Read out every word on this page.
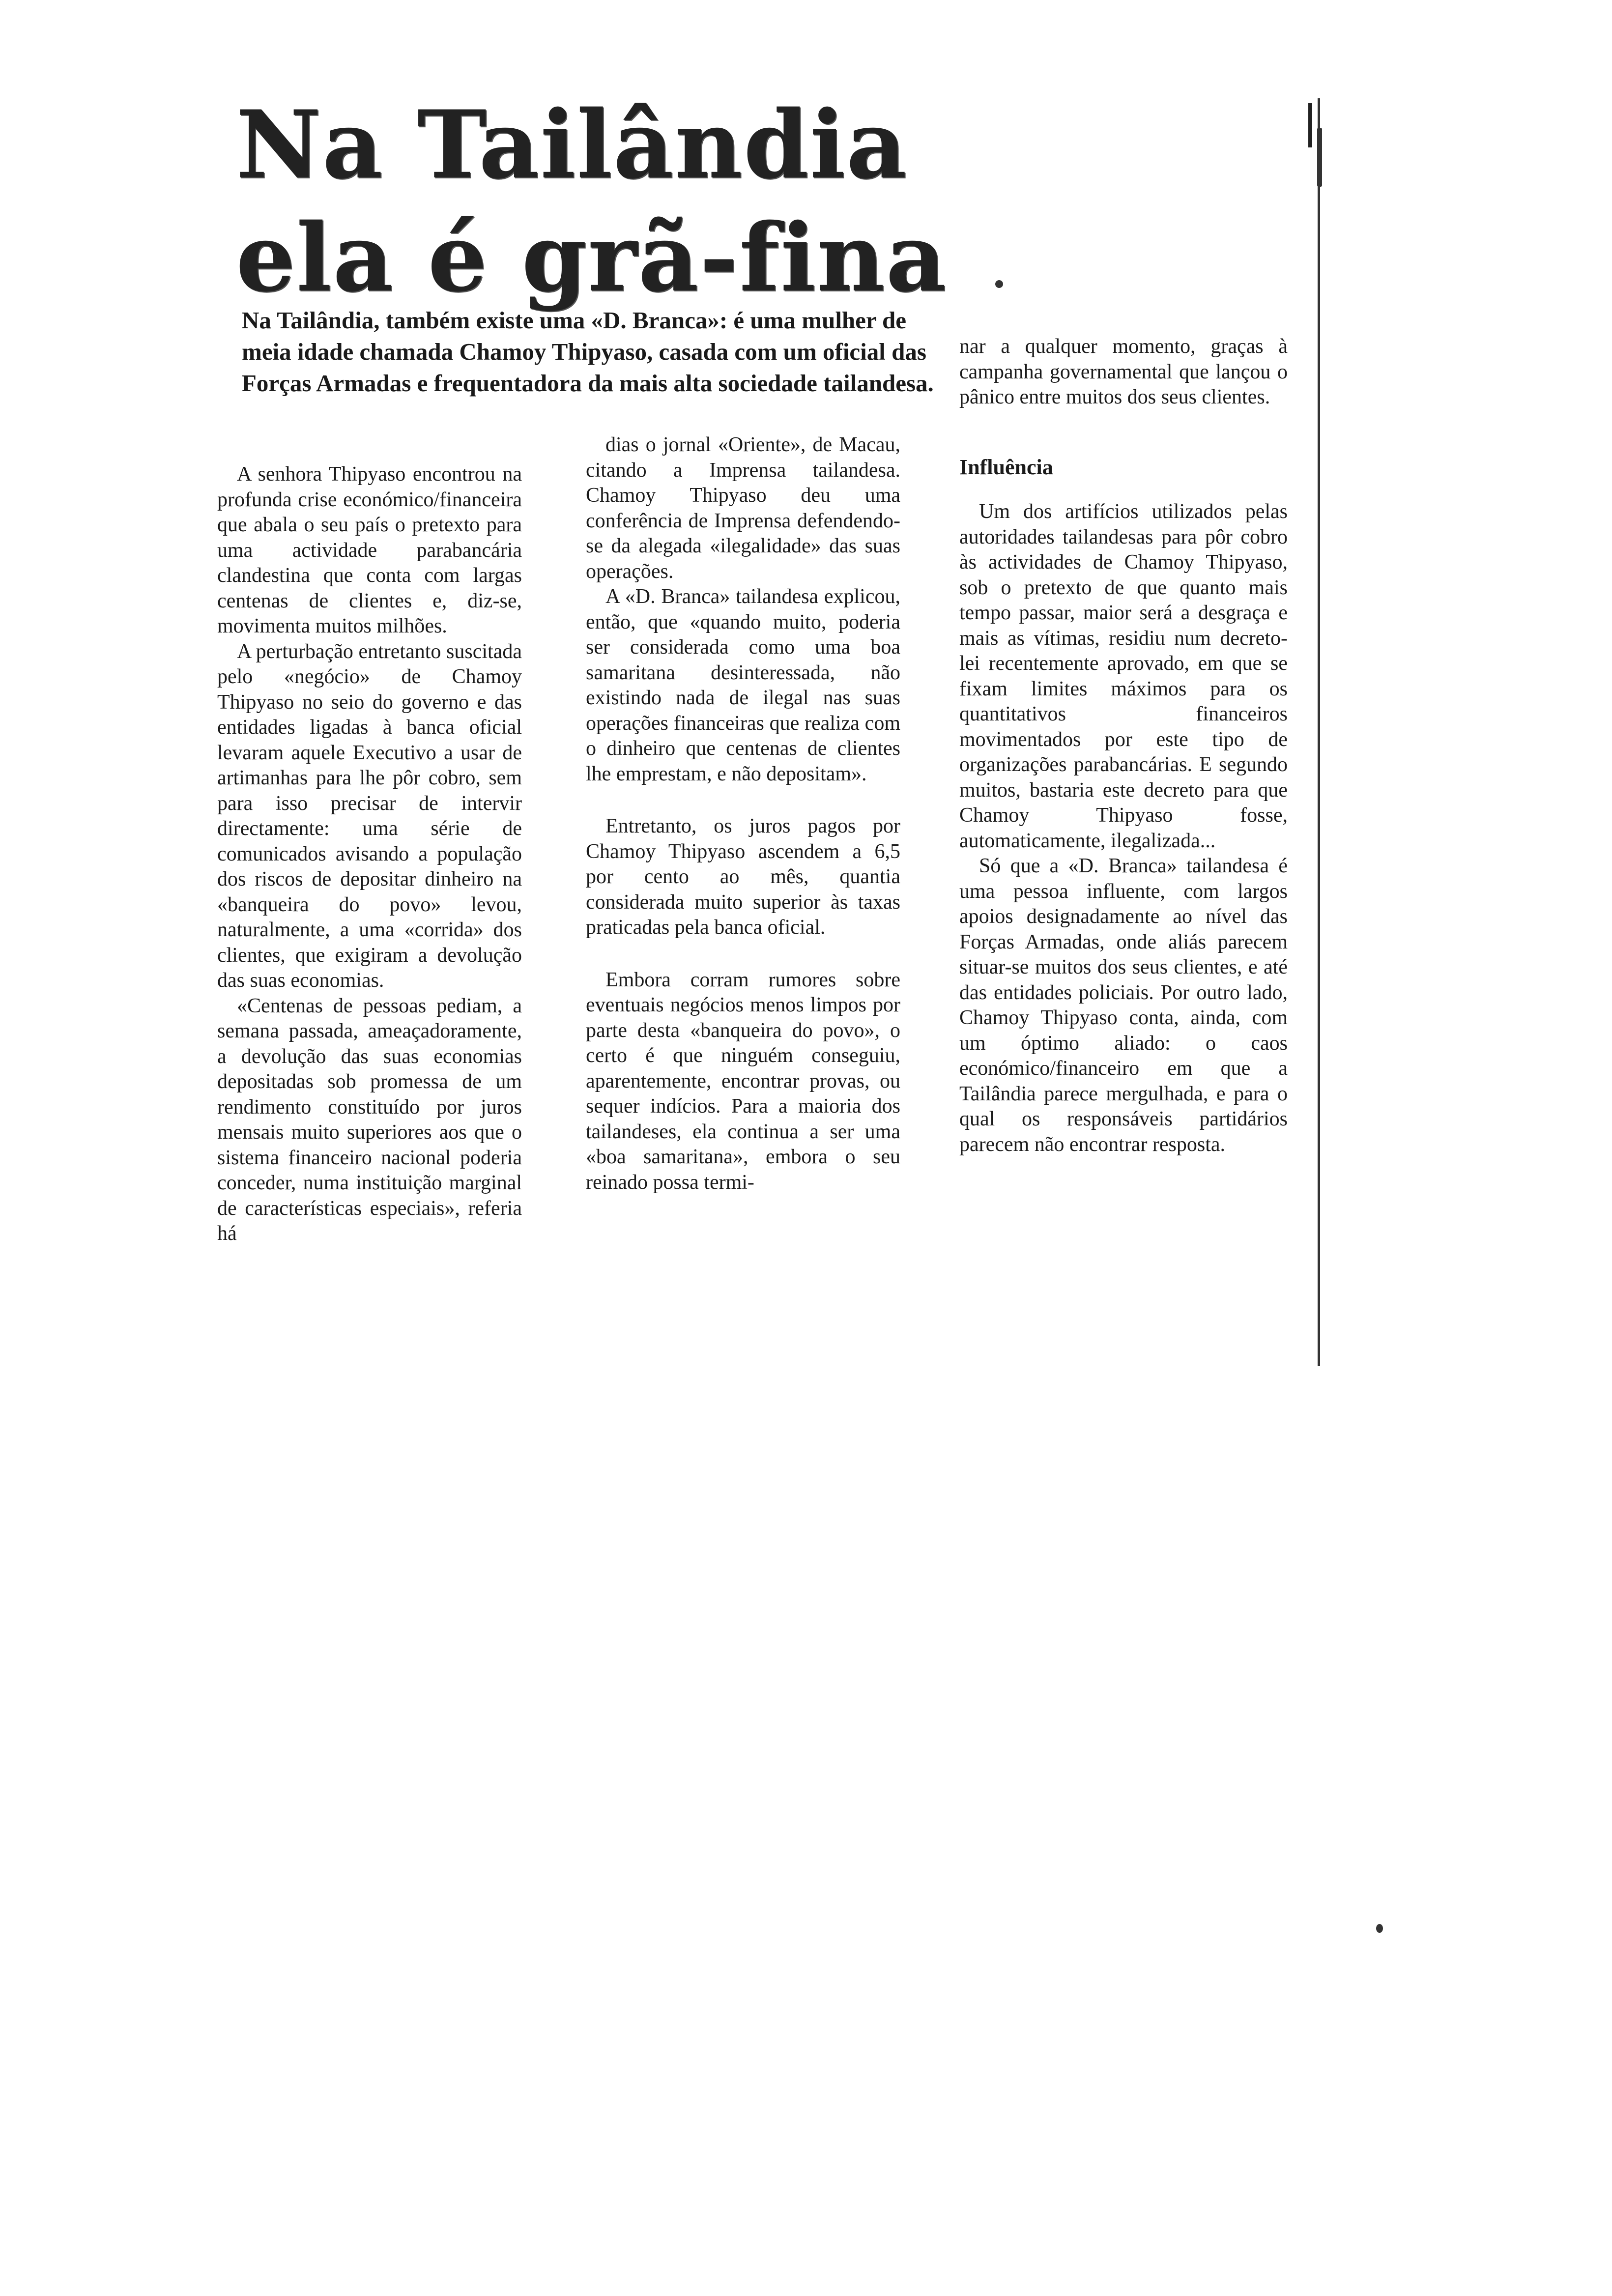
Na Tailândia
ela é grã-fina
Na Tailândia, também existe uma «D. Branca»: é uma mulher de meia idade chamada Chamoy Thipyaso, casada com um oficial das Forças Armadas e frequentadora da mais alta sociedade tailandesa.

A senhora Thipyaso encontrou na profunda crise económico/financeira que abala o seu país o pretexto para uma actividade parabancária clandestina que conta com largas centenas de clientes e, diz-se, movimenta muitos milhões.

A perturbação entretanto suscitada pelo «negócio» de Chamoy Thipyaso no seio do governo e das entidades ligadas à banca oficial levaram aquele Executivo a usar de artimanhas para lhe pôr cobro, sem para isso precisar de intervir directamente: uma série de comunicados avisando a população dos riscos de depositar dinheiro na «banqueira do povo» levou, naturalmente, a uma «corrida» dos clientes, que exigiram a devolução das suas economias.

«Centenas de pessoas pediam, a semana passada, ameaçadoramente, a devolução das suas economias depositadas sob promessa de um rendimento constituído por juros mensais muito superiores aos que o sistema financeiro nacional poderia conceder, numa instituição marginal de características especiais», referia há

dias o jornal «Oriente», de Macau, citando a Imprensa tailandesa. Chamoy Thipyaso deu uma conferência de Imprensa defendendo-se da alegada «ilegalidade» das suas operações.

A «D. Branca» tailandesa explicou, então, que «quando muito, poderia ser considerada como uma boa samaritana desinteressada, não existindo nada de ilegal nas suas operações financeiras que realiza com o dinheiro que centenas de clientes lhe emprestam, e não depositam».

Entretanto, os juros pagos por Chamoy Thipyaso ascendem a 6,5 por cento ao mês, quantia considerada muito superior às taxas praticadas pela banca oficial.

Embora corram rumores sobre eventuais negócios menos limpos por parte desta «banqueira do povo», o certo é que ninguém conseguiu, aparentemente, encontrar provas, ou sequer indícios. Para a maioria dos tailandeses, ela continua a ser uma «boa samaritana», embora o seu reinado possa termi-

nar a qualquer momento, graças à campanha governamental que lançou o pânico entre muitos dos seus clientes.

Influência

Um dos artifícios utilizados pelas autoridades tailandesas para pôr cobro às actividades de Chamoy Thipyaso, sob o pretexto de que quanto mais tempo passar, maior será a desgraça e mais as vítimas, residiu num decreto-lei recentemente aprovado, em que se fixam limites máximos para os quantitativos financeiros movimentados por este tipo de organizações parabancárias. E segundo muitos, bastaria este decreto para que Chamoy Thipyaso fosse, automaticamente, ilegalizada...

Só que a «D. Branca» tailandesa é uma pessoa influente, com largos apoios designadamente ao nível das Forças Armadas, onde aliás parecem situar-se muitos dos seus clientes, e até das entidades policiais. Por outro lado, Chamoy Thipyaso conta, ainda, com um óptimo aliado: o caos económico/financeiro em que a Tailândia parece mergulhada, e para o qual os responsáveis partidários parecem não encontrar resposta.
